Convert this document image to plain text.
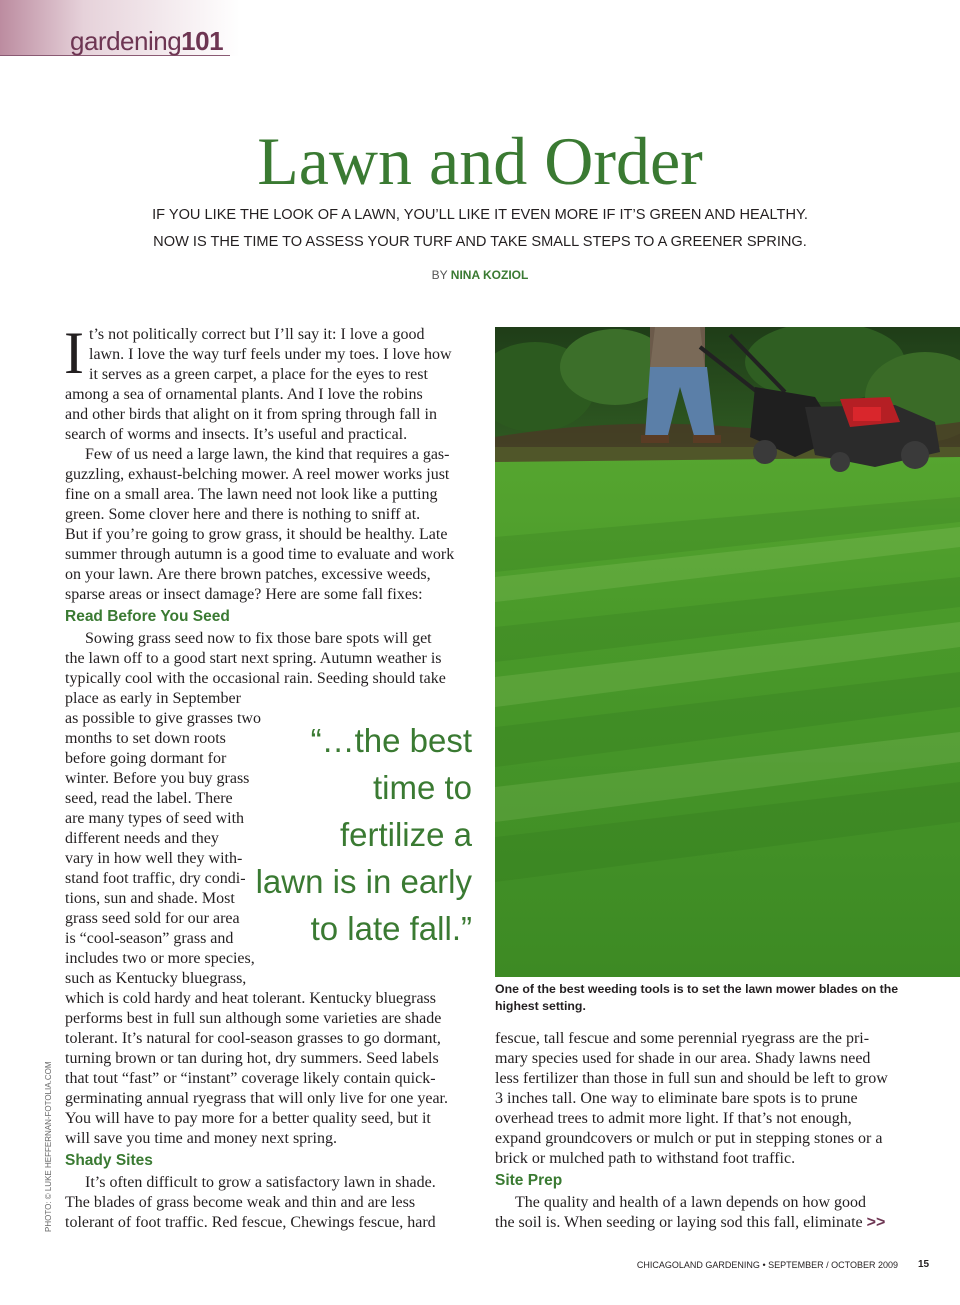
gardening101
Lawn and Order
IF YOU LIKE THE LOOK OF A LAWN, YOU’LL LIKE IT EVEN MORE IF IT’S GREEN AND HEALTHY.
NOW IS THE TIME TO ASSESS YOUR TURF AND TAKE SMALL STEPS TO A GREENER SPRING.
BY NINA KOZIOL
I t’s not politically correct but I’ll say it: I love a good
lawn. I love the way turf feels under my toes. I love how
it serves as a green carpet, a place for the eyes to rest
among a sea of ornamental plants. And I love the robins
and other birds that alight on it from spring through fall in
search of worms and insects. It’s useful and practical.
Few of us need a large lawn, the kind that requires a gas-
guzzling, exhaust-belching mower. A reel mower works just
fine on a small area. The lawn need not look like a putting
green. Some clover here and there is nothing to sniff at.
But if you’re going to grow grass, it should be healthy. Late
summer through autumn is a good time to evaluate and work
on your lawn. Are there brown patches, excessive weeds,
sparse areas or insect damage? Here are some fall fixes:
Read Before You Seed
Sowing grass seed now to fix those bare spots will get
the lawn off to a good start next spring. Autumn weather is
typically cool with the occasional rain. Seeding should take
place as early in September
as possible to give grasses two
months to set down roots
before going dormant for
winter. Before you buy grass
seed, read the label. There
are many types of seed with
different needs and they
vary in how well they with-
stand foot traffic, dry condi-
tions, sun and shade. Most
grass seed sold for our area
is “cool-season” grass and
includes two or more species,
such as Kentucky bluegrass,
which is cold hardy and heat tolerant. Kentucky bluegrass
performs best in full sun although some varieties are shade
tolerant. It’s natural for cool-season grasses to go dormant,
turning brown or tan during hot, dry summers. Seed labels
that tout “fast” or “instant” coverage likely contain quick-
germinating annual ryegrass that will only live for one year.
You will have to pay more for a better quality seed, but it
will save you time and money next spring.
Shady Sites
It’s often difficult to grow a satisfactory lawn in shade.
The blades of grass become weak and thin and are less
tolerant of foot traffic. Red fescue, Chewings fescue, hard
“…the best
time to
fertilize a
lawn is in early
to late fall.”
One of the best weeding tools is to set the lawn mower blades on the highest setting.
fescue, tall fescue and some perennial ryegrass are the pri-
mary species used for shade in our area. Shady lawns need
less fertilizer than those in full sun and should be left to grow
3 inches tall. One way to eliminate bare spots is to prune
overhead trees to admit more light. If that’s not enough,
expand groundcovers or mulch or put in stepping stones or a
brick or mulched path to withstand foot traffic.
Site Prep
The quality and health of a lawn depends on how good
the soil is. When seeding or laying sod this fall, eliminate >>
PHOTO: © LUKE HEFFERNAN-FOTOLIA.COM
CHICAGOLAND GARDENING • SEPTEMBER / OCTOBER 2009 15
